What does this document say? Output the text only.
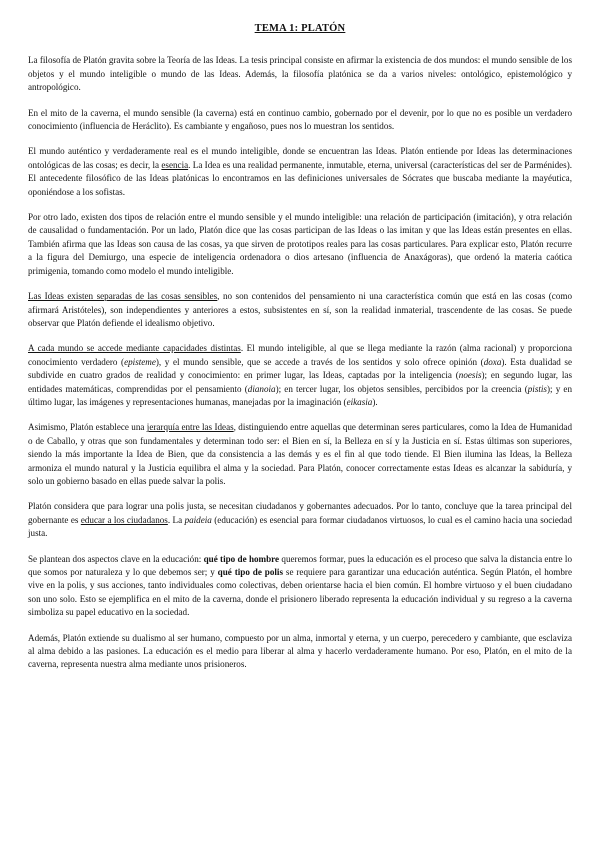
TEMA 1: PLATÓN

La filosofía de Platón gravita sobre la Teoría de las Ideas. La tesis principal consiste en afirmar la existencia de dos mundos: el mundo sensible de los objetos y el mundo inteligible o mundo de las Ideas. Además, la filosofía platónica se da a varios niveles: ontológico, epistemológico y antropológico.

En el mito de la caverna, el mundo sensible (la caverna) está en continuo cambio, gobernado por el devenir, por lo que no es posible un verdadero conocimiento (influencia de Heráclito). Es cambiante y engañoso, pues nos lo muestran los sentidos.

El mundo auténtico y verdaderamente real es el mundo inteligible, donde se encuentran las Ideas. Platón entiende por Ideas las determinaciones ontológicas de las cosas; es decir, la esencia. La Idea es una realidad permanente, inmutable, eterna, universal (características del ser de Parménides). El antecedente filosófico de las Ideas platónicas lo encontramos en las definiciones universales de Sócrates que buscaba mediante la mayéutica, oponiéndose a los sofistas.

Por otro lado, existen dos tipos de relación entre el mundo sensible y el mundo inteligible: una relación de participación (imitación), y otra relación de causalidad o fundamentación. Por un lado, Platón dice que las cosas participan de las Ideas o las imitan y que las Ideas están presentes en ellas. También afirma que las Ideas son causa de las cosas, ya que sirven de prototipos reales para las cosas particulares. Para explicar esto, Platón recurre a la figura del Demiurgo, una especie de inteligencia ordenadora o dios artesano (influencia de Anaxágoras), que ordenó la materia caótica primigenia, tomando como modelo el mundo inteligible.

Las Ideas existen separadas de las cosas sensibles, no son contenidos del pensamiento ni una característica común que está en las cosas (como afirmará Aristóteles), son independientes y anteriores a estos, subsistentes en sí, son la realidad inmaterial, trascendente de las cosas. Se puede observar que Platón defiende el idealismo objetivo.

A cada mundo se accede mediante capacidades distintas. El mundo inteligible, al que se llega mediante la razón (alma racional) y proporciona conocimiento verdadero (episteme), y el mundo sensible, que se accede a través de los sentidos y solo ofrece opinión (doxa). Esta dualidad se subdivide en cuatro grados de realidad y conocimiento: en primer lugar, las Ideas, captadas por la inteligencia (noesis); en segundo lugar, las entidades matemáticas, comprendidas por el pensamiento (dianoia); en tercer lugar, los objetos sensibles, percibidos por la creencia (pistis); y en último lugar, las imágenes y representaciones humanas, manejadas por la imaginación (eikasia).

Asimismo, Platón establece una jerarquía entre las Ideas, distinguiendo entre aquellas que determinan seres particulares, como la Idea de Humanidad o de Caballo, y otras que son fundamentales y determinan todo ser: el Bien en sí, la Belleza en sí y la Justicia en sí. Estas últimas son superiores, siendo la más importante la Idea de Bien, que da consistencia a las demás y es el fin al que todo tiende. El Bien ilumina las Ideas, la Belleza armoniza el mundo natural y la Justicia equilibra el alma y la sociedad. Para Platón, conocer correctamente estas Ideas es alcanzar la sabiduría, y solo un gobierno basado en ellas puede salvar la polis.

Platón considera que para lograr una polis justa, se necesitan ciudadanos y gobernantes adecuados. Por lo tanto, concluye que la tarea principal del gobernante es educar a los ciudadanos. La paideia (educación) es esencial para formar ciudadanos virtuosos, lo cual es el camino hacia una sociedad justa.

Se plantean dos aspectos clave en la educación: qué tipo de hombre queremos formar, pues la educación es el proceso que salva la distancia entre lo que somos por naturaleza y lo que debemos ser; y qué tipo de polis se requiere para garantizar una educación auténtica. Según Platón, el hombre vive en la polis, y sus acciones, tanto individuales como colectivas, deben orientarse hacia el bien común. El hombre virtuoso y el buen ciudadano son uno solo. Esto se ejemplifica en el mito de la caverna, donde el prisionero liberado representa la educación individual y su regreso a la caverna simboliza su papel educativo en la sociedad.

Además, Platón extiende su dualismo al ser humano, compuesto por un alma, inmortal y eterna, y un cuerpo, perecedero y cambiante, que esclaviza al alma debido a las pasiones. La educación es el medio para liberar al alma y hacerlo verdaderamente humano. Por eso, Platón, en el mito de la caverna, representa nuestra alma mediante unos prisioneros.
